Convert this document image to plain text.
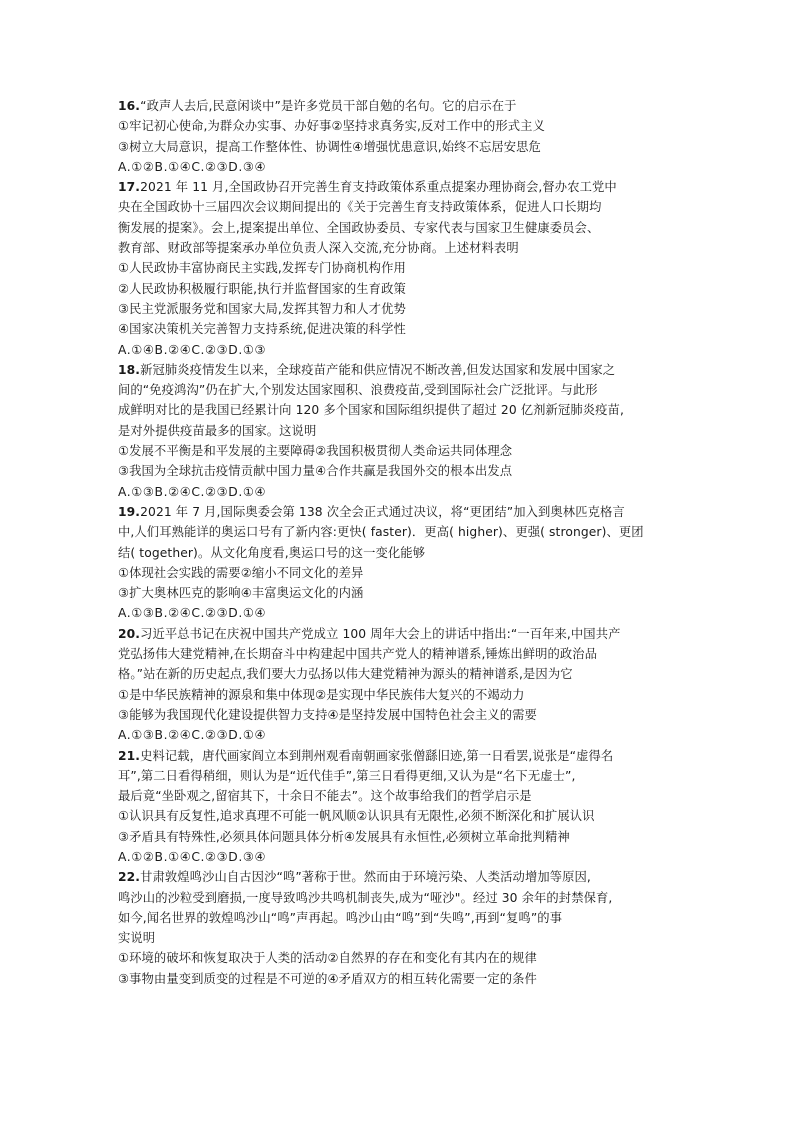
16.“政声人去后,民意闲谈中”是许多党员干部自勉的名句。它的启示在于
①牢记初心使命,为群众办实事、办好事②坚持求真务实,反对工作中的形式主义
③树立大局意识，提高工作整体性、协调性④增强忧患意识,始终不忘居安思危
A.①②B.①④C.②③D.③④
17.2021 年 11 月,全国政协召开完善生育支持政策体系重点提案办理协商会,督办农工党中
央在全国政协十三届四次会议期间提出的《关于完善生育支持政策体系，促进人口长期均
衡发展的提案》。会上,提案提出单位、全国政协委员、专家代表与国家卫生健康委员会、
教育部、财政部等提案承办单位负责人深入交流,充分协商。上述材料表明
①人民政协丰富协商民主实践,发挥专门协商机构作用
②人民政协积极履行职能,执行并监督国家的生育政策
③民主党派服务党和国家大局,发挥其智力和人才优势
④国家决策机关完善智力支持系统,促进决策的科学性
A.①④B.②④C.②③D.①③
18.新冠肺炎疫情发生以来，全球疫苗产能和供应情况不断改善,但发达国家和发展中国家之
间的“免疫鸿沟”仍在扩大,个别发达国家囤积、浪费疫苗,受到国际社会广泛批评。与此形
成鲜明对比的是我国已经累计向 120 多个国家和国际组织提供了超过 20 亿剂新冠肺炎疫苗,
是对外提供疫苗最多的国家。这说明
①发展不平衡是和平发展的主要障碍②我国积极贯彻人类命运共同体理念
③我国为全球抗击疫情贡献中国力量④合作共赢是我国外交的根本出发点
A.①③B.②④C.②③D.①④
19.2021 年 7 月,国际奥委会第 138 次全会正式通过决议，将“更团结”加入到奥林匹克格言
中,人们耳熟能详的奥运口号有了新内容:更快( faster)．更高( higher)、更强( stronger)、更团
结( together)。从文化角度看,奥运口号的这一变化能够
①体现社会实践的需要②缩小不同文化的差异
③扩大奥林匹克的影响④丰富奥运文化的内涵
A.①③B.②④C.②③D.①④
20.习近平总书记在庆祝中国共产党成立 100 周年大会上的讲话中指出:“一百年来,中国共产
党弘扬伟大建党精神,在长期奋斗中构建起中国共产党人的精神谱系,锤炼出鲜明的政治品
格。”站在新的历史起点,我们要大力弘扬以伟大建党精神为源头的精神谱系,是因为它
①是中华民族精神的源泉和集中体现②是实现中华民族伟大复兴的不竭动力
③能够为我国现代化建设提供智力支持④是坚持发展中国特色社会主义的需要
A.①③B.②④C.②③D.①④
21.史料记载，唐代画家阎立本到荆州观看南朝画家张僧繇旧迹,第一日看罢,说张是“虚得名
耳”,第二日看得稍细，则认为是“近代佳手”,第三日看得更细,又认为是“名下无虚士”,
最后竟“坐卧观之,留宿其下，十余日不能去”。这个故事给我们的哲学启示是
①认识具有反复性,追求真理不可能一帆风顺②认识具有无限性,必须不断深化和扩展认识
③矛盾具有特殊性,必须具体问题具体分析④发展具有永恒性,必须树立革命批判精神
A.①②B.①④C.②③D.③④
22.甘肃敦煌鸣沙山自古因沙“鸣”著称于世。然而由于环境污染、人类活动增加等原因,
鸣沙山的沙粒受到磨损,一度导致鸣沙共鸣机制丧失,成为“哑沙"。经过 30 余年的封禁保育,
如今,闻名世界的敦煌鸣沙山“鸣”声再起。鸣沙山由“鸣”到“失鸣”,再到“复鸣”的事
实说明
①环境的破坏和恢复取决于人类的活动②自然界的存在和变化有其内在的规律
③事物由量变到质变的过程是不可逆的④矛盾双方的相互转化需要一定的条件
